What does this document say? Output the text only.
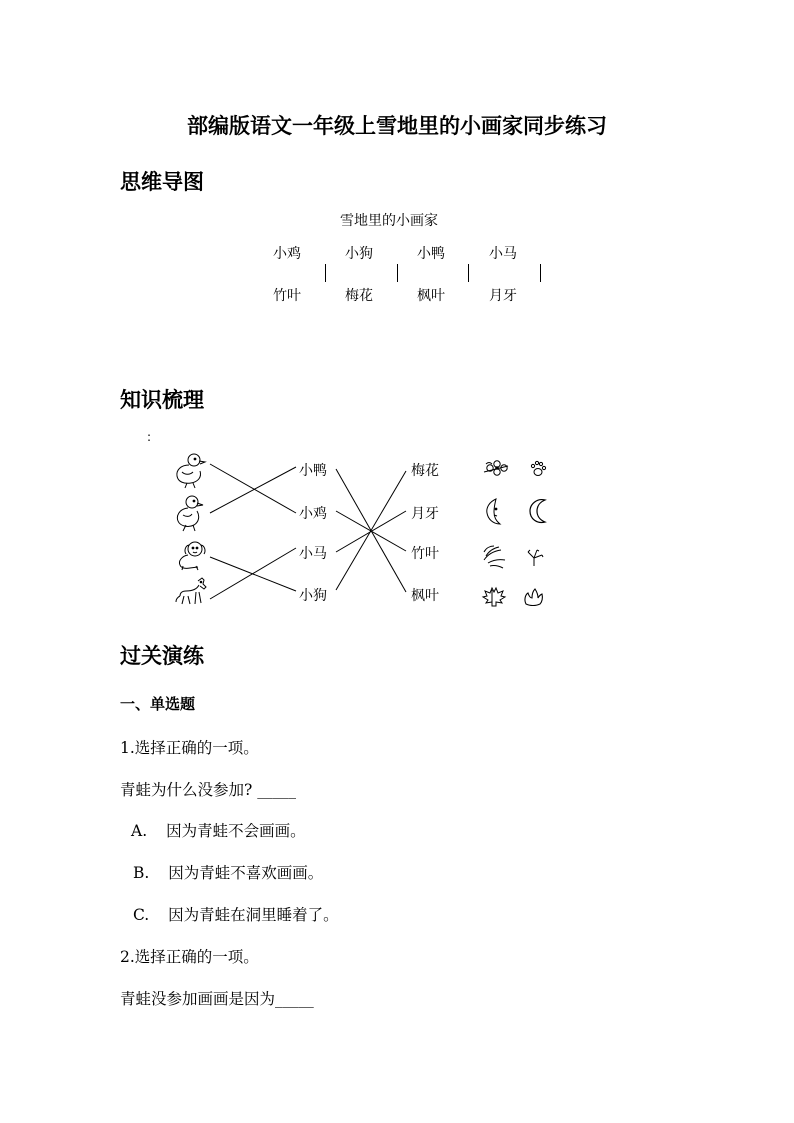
部编版语文一年级上雪地里的小画家同步练习
思维导图
雪地里的小画家
小鸡	小狗	小鸭	小马
竹叶	梅花	枫叶	月牙
知识梳理
:
小鸭
小鸡
小马
小狗
梅花
月牙
竹叶
枫叶
过关演练
一、单选题
1.选择正确的一项。
青蛙为什么没参加? _____
A. 因为青蛙不会画画。
B. 因为青蛙不喜欢画画。
C. 因为青蛙在洞里睡着了。
2.选择正确的一项。
青蛙没参加画画是因为_____
